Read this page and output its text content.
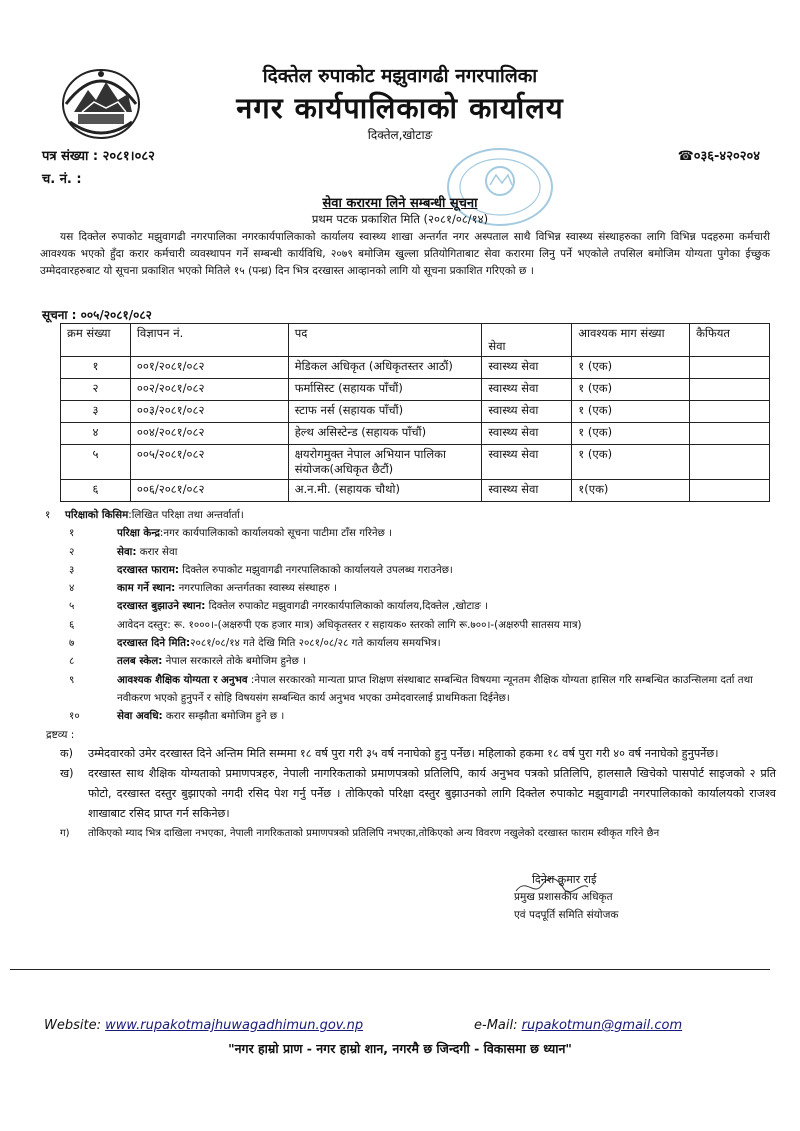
दिक्तेल रुपाकोट मझुवागढी नगरपालिका
नगर कार्यपालिकाको कार्यालय
दिक्तेल,खोटाङ
पत्र संख्या : २०८१।०८२
च. नं. :
☎०३६-४२०२०४
सेवा करारमा लिने सम्बन्धी सूचना
प्रथम पटक प्रकाशित मिति (२०८१/०८/१४)
यस दिक्तेल रुपाकोट मझुवागढी नगरपालिका नगरकार्यपालिकाको कार्यालय स्वास्थ्य शाखा अन्तर्गत नगर अस्पताल साथै विभिन्न स्वास्थ्य संस्थाहरुका लागि विभिन्न पदहरुमा कर्मचारी आवश्यक भएको हुँदा करार कर्मचारी व्यवस्थापन गर्ने सम्बन्धी कार्यविधि, २०७९ बमोजिम खुल्ला प्रतियोगिताबाट सेवा करारमा लिनु पर्ने भएकोले तपसिल बमोजिम योग्यता पुगेका ईच्छुक उम्मेदवारहरुबाट यो सूचना प्रकाशित भएको मितिले १५ (पन्ध्र) दिन भित्र दरखास्त आव्हानको लागि यो सूचना प्रकाशित गरिएको छ ।
सूचना : ००५/२०८१/०८२
क्रम संख्या	विज्ञापन नं.	पद	सेवा	आवश्यक माग संख्या	कैफियत
१	००१/२०८१/०८२	मेडिकल अधिकृत (अधिकृतस्तर आठौं)	स्वास्थ्य सेवा	१ (एक)	
२	००२/२०८१/०८२	फर्मासिस्ट (सहायक पाँचौं)	स्वास्थ्य सेवा	१ (एक)	
३	००३/२०८१/०८२	स्टाफ नर्स (सहायक पाँचौं)	स्वास्थ्य सेवा	१ (एक)	
४	००४/२०८१/०८२	हेल्थ असिस्टेन्ड (सहायक पाँचौं)	स्वास्थ्य सेवा	१ (एक)	
५	००५/२०८१/०८२	क्षयरोगमुक्त नेपाल अभियान पालिका संयोजक(अधिकृत छैटौं)	स्वास्थ्य सेवा	१ (एक)	
६	००६/२०८१/०८२	अ.न.मी. (सहायक चौथो)	स्वास्थ्य सेवा	१(एक)	
१ परिक्षाको किसिम:लिखित परिक्षा तथा अन्तर्वार्ता।
१	परिक्षा केन्द्र:नगर कार्यपालिकाको कार्यालयको सूचना पाटीमा टाँस गरिनेछ ।
२	सेवा: करार सेवा
३	दरखास्त फाराम: दिक्तेल रुपाकोट मझुवागढी नगरपालिकाको कार्यालयले उपलब्ध गराउनेछ।
४	काम गर्ने स्थान: नगरपालिका अन्तर्गतका स्वास्थ्य संस्थाहरु ।
५	दरखास्त बुझाउने स्थान: दिक्तेल रुपाकोट मझुवागढी नगरकार्यपालिकाको कार्यालय,दिक्तेल ,खोटाङ ।
६	आवेदन दस्तुर: रू. १०००।-(अक्षरुपी एक हजार मात्र) अधिकृतस्तर र सहायक० स्तरको लागि रू.७००।-(अक्षरुपी सातसय मात्र)
७	दरखास्त दिने मिति:२०८१/०८/१४ गते देखि मिति २०८१/०८/२८ गते कार्यालय समयभित्र।
८	तलब स्केल: नेपाल सरकारले तोके बमोजिम हुनेछ ।
९	आवश्यक शैक्षिक योग्यता र अनुभव :नेपाल सरकारको मान्यता प्राप्त शिक्षण संस्थाबाट सम्बन्धित विषयमा न्यूनतम शैक्षिक योग्यता हासिल गरि सम्बन्धित काउन्सिलमा दर्ता तथा नवीकरण भएको हुनुपर्ने र सोहि विषयसंग सम्बन्धित कार्य अनुभव भएका उम्मेदवारलाई प्राथमिकता दिईनेछ।
१०	सेवा अवधि: करार सम्झौता बमोजिम हुने छ ।
द्रष्टव्य :
क)	उम्मेदवारको उमेर दरखास्त दिने अन्तिम मिति सम्ममा १८ वर्ष पुरा गरी ३५ वर्ष ननाघेको हुनु पर्नेछ। महिलाको हकमा १८ वर्ष पुरा गरी ४० वर्ष ननाघेको हुनुपर्नेछ।
ख)	दरखास्त साथ शैक्षिक योग्यताको प्रमाणपत्रहरु, नेपाली नागरिकताको प्रमाणपत्रको प्रतिलिपि, कार्य अनुभव पत्रको प्रतिलिपि, हालसालै खिचेको पासपोर्ट साइजको २ प्रति फोटो, दरखास्त दस्तुर बुझाएको नगदी रसिद पेश गर्नु पर्नेछ । तोकिएको परिक्षा दस्तुर बुझाउनको लागि दिक्तेल रुपाकोट मझुवागढी नगरपालिकाको कार्यालयको राजश्व शाखाबाट रसिद प्राप्त गर्न सकिनेछ।
ग)	तोकिएको म्याद भित्र दाखिला नभएका, नेपाली नागरिकताको प्रमाणपत्रको प्रतिलिपि नभएका,तोकिएको अन्य विवरण नखुलेको दरखास्त फाराम स्वीकृत गरिने छैन
दिनेश कुमार राई
प्रमुख प्रशासकीय अधिकृत
एवं पदपूर्ति समिति संयोजक
Website: www.rupakotmajhuwagadhimun.gov.np	e-Mail: rupakotmun@gmail.com
"नगर हाम्रो प्राण - नगर हाम्रो शान, नगरमै छ जिन्दगी - विकासमा छ ध्यान"
